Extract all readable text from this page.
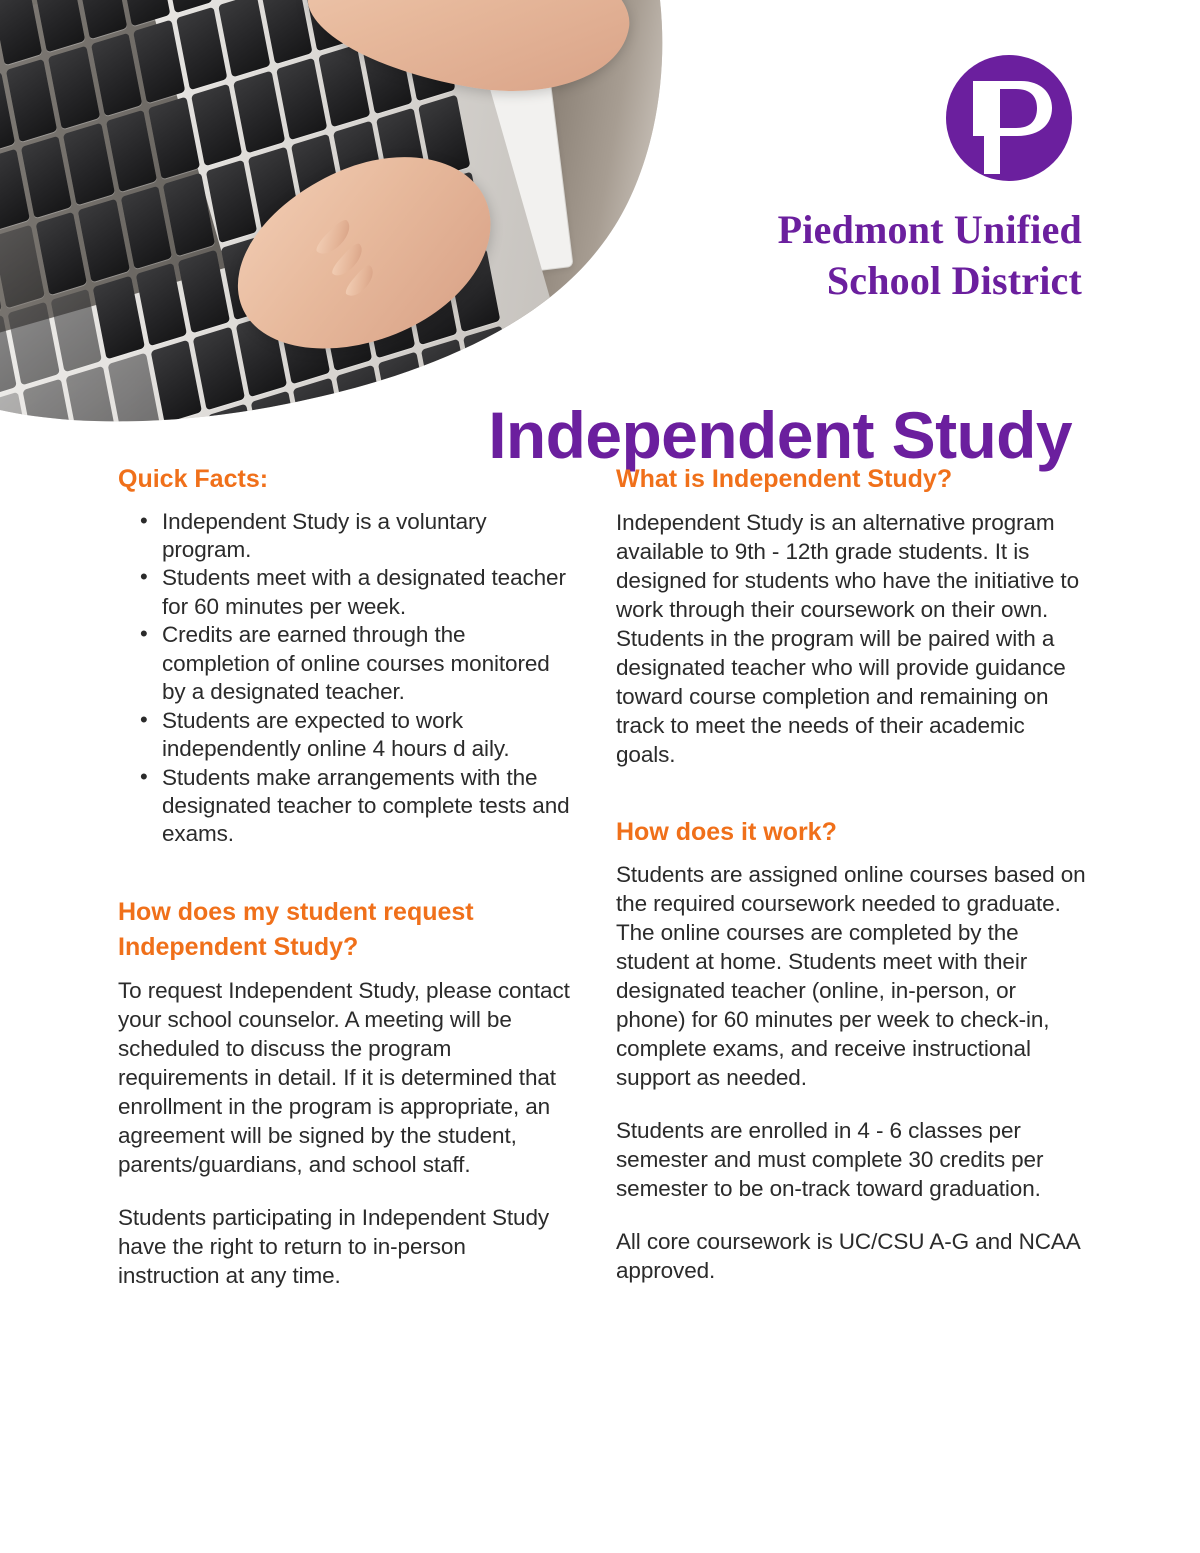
Piedmont Unified
School District
Independent Study
Quick Facts:
• Independent Study is a voluntary program.
• Students meet with a designated teacher for 60 minutes per week.
• Credits are earned through the completion of online courses monitored by a designated teacher.
• Students are expected to work independently online 4 hours d aily.
• Students make arrangements with the designated teacher to complete tests and exams.
How does my student request Independent Study?

To request Independent Study, please contact your school counselor. A meeting will be scheduled to discuss the program requirements in detail. If it is determined that enrollment in the program is appropriate, an agreement will be signed by the student, parents/guardians, and school staff.

Students participating in Independent Study have the right to return to in-person instruction at any time.

What is Independent Study?

Independent Study is an alternative program available to 9th - 12th grade students. It is designed for students who have the initiative to work through their coursework on their own. Students in the program will be paired with a designated teacher who will provide guidance toward course completion and remaining on track to meet the needs of their academic goals.

How does it work?

Students are assigned online courses based on the required coursework needed to graduate. The online courses are completed by the student at home. Students meet with their designated teacher (online, in-person, or phone) for 60 minutes per week to check-in, complete exams, and receive instructional support as needed.

Students are enrolled in 4 - 6 classes per semester and must complete 30 credits per semester to be on-track toward graduation.

All core coursework is UC/CSU A-G and NCAA approved.
